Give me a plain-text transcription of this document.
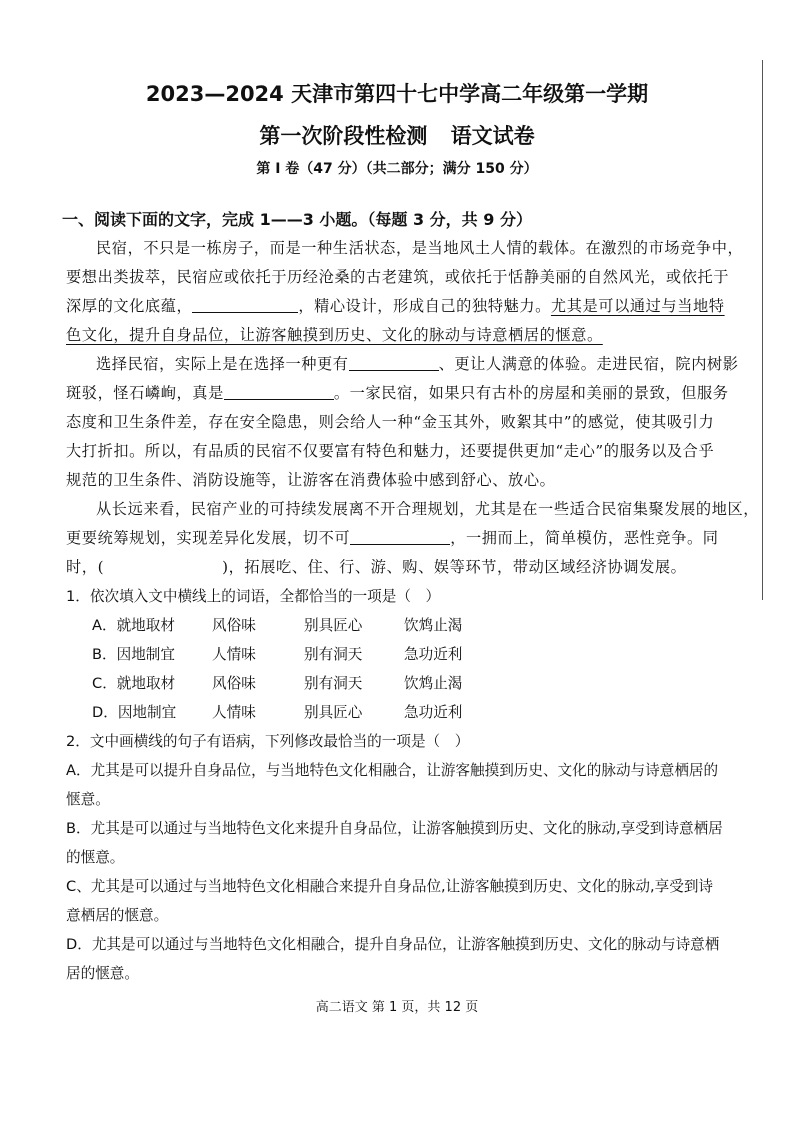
2023—2024 天津市第四十七中学高二年级第一学期
第一次阶段性检测 语文试卷
第 I 卷（47 分）（共二部分；满分 150 分）
一、阅读下面的文字，完成 1——3 小题。（每题 3 分，共 9 分）
民宿，不只是一栋房子，而是一种生活状态，是当地风土人情的载体。在激烈的市场竞争中，
要想出类拔萃，民宿应或依托于历经沧桑的古老建筑，或依托于恬静美丽的自然风光，或依托于
深厚的文化底蕴，	，精心设计，形成自己的独特魅力。尤其是可以通过与当地特
色文化，提升自身品位，让游客触摸到历史、文化的脉动与诗意栖居的惬意。
选择民宿，实际上是在选择一种更有	、更让人满意的体验。走进民宿，院内树影
斑驳，怪石嶙峋，真是	。一家民宿，如果只有古朴的房屋和美丽的景致，但服务
态度和卫生条件差，存在安全隐患，则会给人一种“金玉其外，败絮其中”的感觉，使其吸引力
大打折扣。所以，有品质的民宿不仅要富有特色和魅力，还要提供更加“走心”的服务以及合乎
规范的卫生条件、消防设施等，让游客在消费体验中感到舒心、放心。
从长远来看，民宿产业的可持续发展离不开合理规划，尤其是在一些适合民宿集聚发展的地区，
更要统筹规划，实现差异化发展，切不可	，一拥而上，简单模仿，恶性竞争。同
时，(	)，拓展吃、住、行、游、购、娱等环节，带动区域经济协调发展。
1．依次填入文中横线上的词语，全都恰当的一项是（　）
A．就地取材	风俗味	别具匠心	饮鸩止渴
B．因地制宜	人情味	别有洞天	急功近利
C．就地取材	风俗味	别有洞天	饮鸩止渴
D．因地制宜 人情味	别具匠心	急功近利
2．文中画横线的句子有语病，下列修改最恰当的一项是（　）
A．尤其是可以提升自身品位，与当地特色文化相融合，让游客触摸到历史、文化的脉动与诗意栖居的
惬意。
B．尤其是可以通过与当地特色文化来提升自身品位，让游客触摸到历史、文化的脉动,享受到诗意栖居
的惬意。
C、尤其是可以通过与当地特色文化相融合来提升自身品位,让游客触摸到历史、文化的脉动,享受到诗
意栖居的惬意。
D．尤其是可以通过与当地特色文化相融合，提升自身品位，让游客触摸到历史、文化的脉动与诗意栖
居的惬意。
高二语文 第 1 页，共 12 页
